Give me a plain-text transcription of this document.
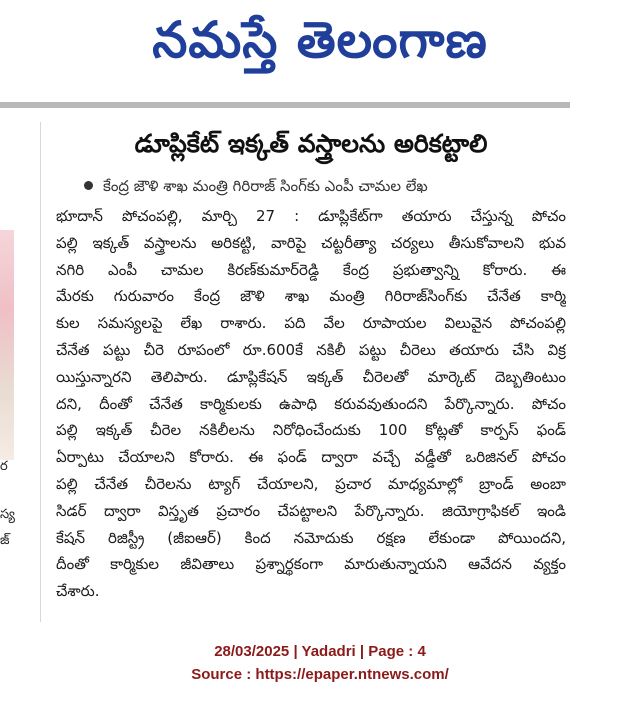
నమస్తే తెలంగాణ
ర
స్య
జ్
డూప్లికేట్ ఇక్కత్ వస్త్రాలను అరికట్టాలి
కేంద్ర జౌళి శాఖ మంత్రి గిరిరాజ్ సింగ్‌కు ఎంపీ చామల లేఖ
భూదాన్ పోచంపల్లి, మార్చి 27 : డూప్లికేట్‌గా తయారు చేస్తున్న పోచం
పల్లి ఇక్కత్ వస్త్రాలను అరికట్టి, వారిపై చట్టరీత్యా చర్యలు తీసుకోవాలని భువ
నగిరి ఎంపీ చామల కిరణ్‌కుమార్‌రెడ్డి కేంద్ర ప్రభుత్వాన్ని కోరారు. ఈ
మేరకు గురువారం కేంద్ర జౌళి శాఖ మంత్రి గిరిరాజ్‌సింగ్‌కు చేనేత కార్మి
కుల సమస్యలపై లేఖ రాశారు. పది వేల రూపాయల విలువైన పోచంపల్లి
చేనేత పట్టు చీరె రూపంలో రూ.600కే నకిలీ పట్టు చీరెలు తయారు చేసి విక్ర
యిస్తున్నారని తెలిపారు. డూప్లికేషన్ ఇక్కత్ చీరెలతో మార్కెట్ దెబ్బతింటుం
దని, దీంతో చేనేత కార్మికులకు ఉపాధి కరువవుతుందని పేర్కొన్నారు. పోచం
పల్లి ఇక్కత్ చీరెల నకిలీలను నిరోధించేందుకు 100 కోట్లతో కార్పస్ ఫండ్
ఏర్పాటు చేయాలని కోరారు. ఈ ఫండ్ ద్వారా వచ్చే వడ్డీతో ఒరిజినల్ పోచం
పల్లి చేనేత చీరెలను ట్యాగ్ చేయాలని, ప్రచార మాధ్యమాల్లో బ్రాండ్ అంబా
సిడర్ ద్వారా విస్తృత ప్రచారం చేపట్టాలని పేర్కొన్నారు. జియోగ్రాఫికల్ ఇండి
కేషన్ రిజిస్ట్రీ (జీఐఆర్) కింద నమోదుకు రక్షణ లేకుండా పోయిందని,
దీంతో కార్మికుల జీవితాలు ప్రశ్నార్థకంగా మారుతున్నాయని ఆవేదన వ్యక్తం
చేశారు.
28/03/2025 | Yadadri | Page : 4
Source : https://epaper.ntnews.com/
